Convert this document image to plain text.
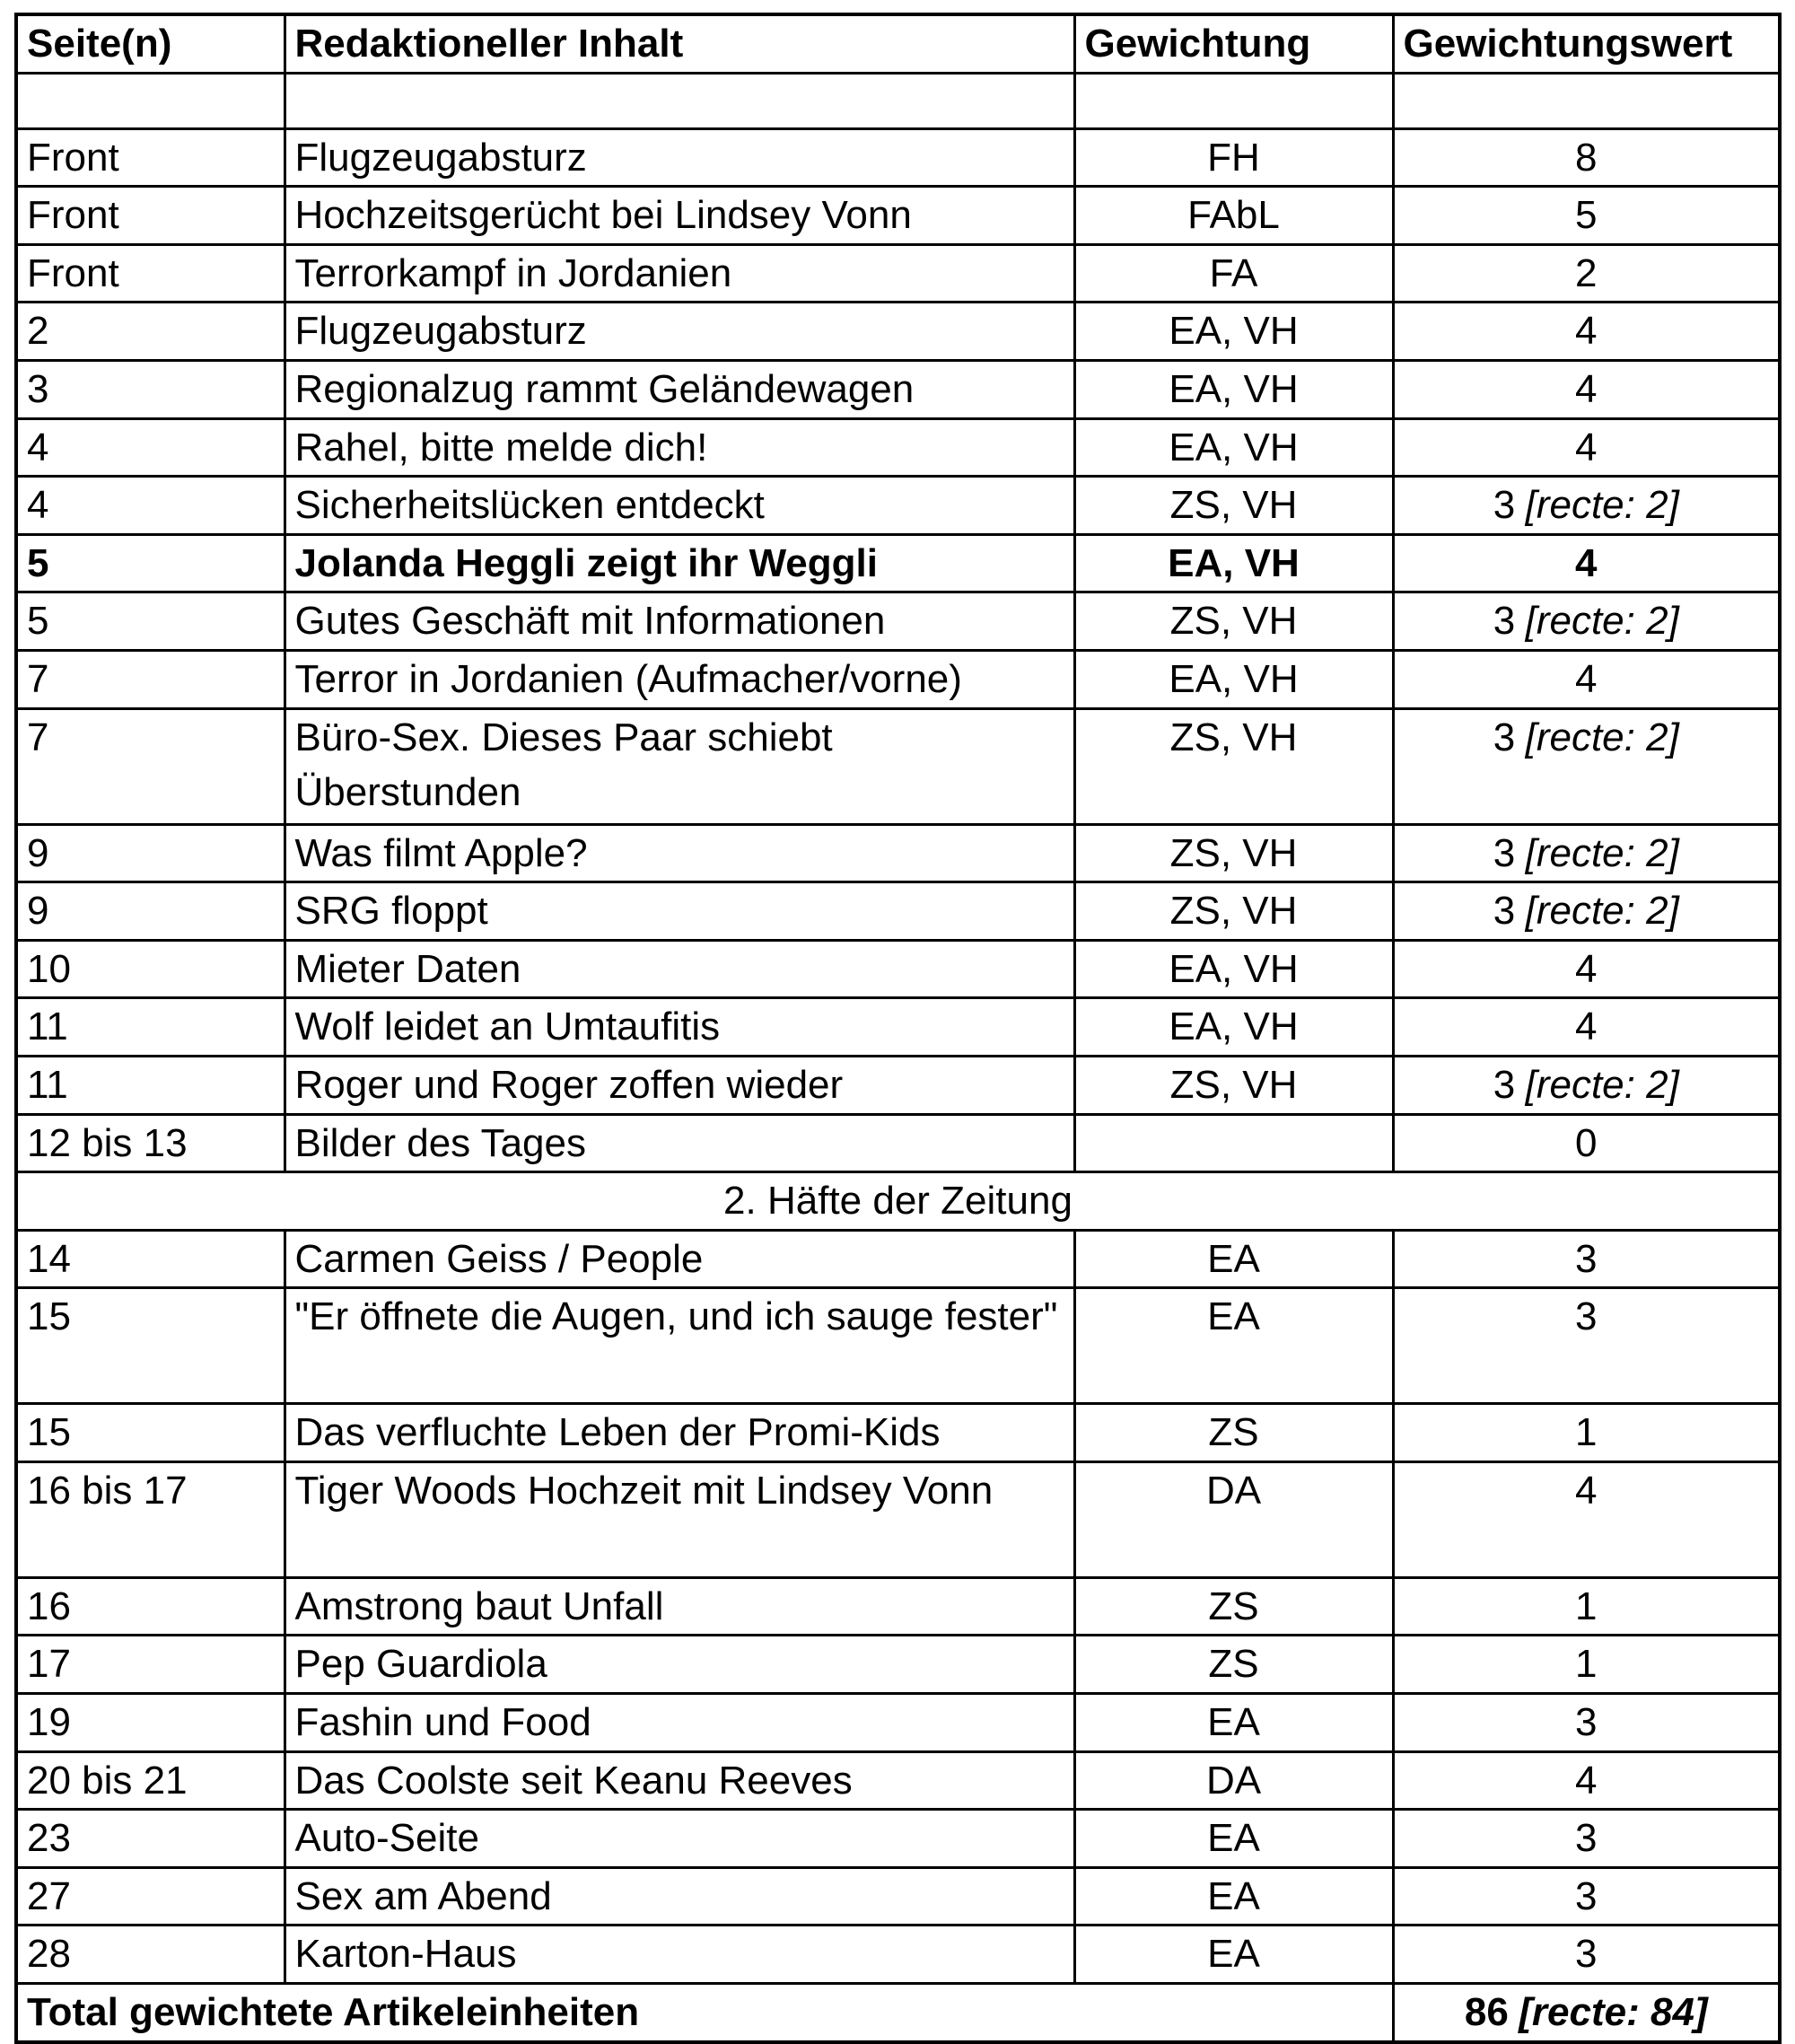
Seite(n)	Redaktioneller Inhalt	Gewichtung	Gewichtungswert

Front	Flugzeugabsturz	FH	8
Front	Hochzeitsgerücht bei Lindsey Vonn	FAbL	5
Front	Terrorkampf in Jordanien	FA	2
2	Flugzeugabsturz	EA, VH	4
3	Regionalzug rammt Geländewagen	EA, VH	4
4	Rahel, bitte melde dich!	EA, VH	4
4	Sicherheitslücken entdeckt	ZS, VH	3 [recte: 2]
5	Jolanda Heggli zeigt ihr Weggli	EA, VH	4
5	Gutes Geschäft mit Informationen	ZS, VH	3 [recte: 2]
7	Terror in Jordanien (Aufmacher/vorne)	EA, VH	4
7	Büro-Sex. Dieses Paar schiebt Überstunden	ZS, VH	3 [recte: 2]
9	Was filmt Apple?	ZS, VH	3 [recte: 2]
9	SRG floppt	ZS, VH	3 [recte: 2]
10	Mieter Daten	EA, VH	4
11	Wolf leidet an Umtaufitis	EA, VH	4
11	Roger und Roger zoffen wieder	ZS, VH	3 [recte: 2]
12 bis 13	Bilder des Tages		0
2. Häfte der Zeitung			
14	Carmen Geiss / People	EA	3
15	"Er öffnete die Augen, und ich sauge fester"	EA	3
15	Das verfluchte Leben der Promi-Kids	ZS	1
16 bis 17	Tiger Woods Hochzeit mit Lindsey Vonn	DA	4
16	Amstrong baut Unfall	ZS	1
17	Pep Guardiola	ZS	1
19	Fashin und Food	EA	3
20 bis 21	Das Coolste seit Keanu Reeves	DA	4
23	Auto-Seite	EA	3
27	Sex am Abend	EA	3
28	Karton-Haus	EA	3
Total gewichtete Artikeleinheiten			86 [recte: 84]
